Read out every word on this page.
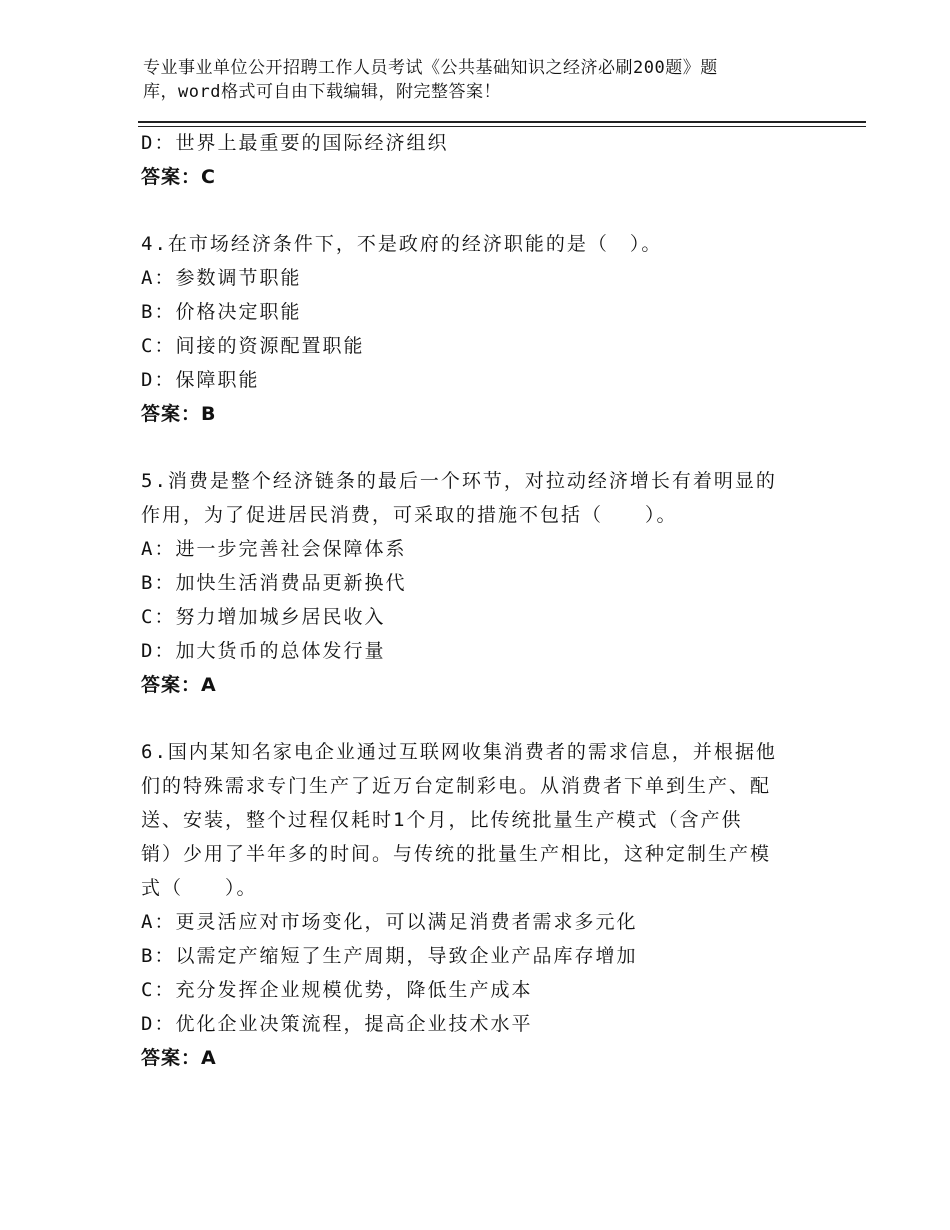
专业事业单位公开招聘工作人员考试《公共基础知识之经济必刷200题》题
库，word格式可自由下载编辑，附完整答案！
D：世界上最重要的国际经济组织
答案：C
4.在市场经济条件下，不是政府的经济职能的是（　）。
A：参数调节职能
B：价格决定职能
C：间接的资源配置职能
D：保障职能
答案：B
5.消费是整个经济链条的最后一个环节，对拉动经济增长有着明显的
作用，为了促进居民消费，可采取的措施不包括（　　）。
A：进一步完善社会保障体系
B：加快生活消费品更新换代
C：努力增加城乡居民收入
D：加大货币的总体发行量
答案：A
6.国内某知名家电企业通过互联网收集消费者的需求信息，并根据他
们的特殊需求专门生产了近万台定制彩电。从消费者下单到生产、配
送、安装，整个过程仅耗时1个月，比传统批量生产模式（含产供
销）少用了半年多的时间。与传统的批量生产相比，这种定制生产模
式（　　）。
A：更灵活应对市场变化，可以满足消费者需求多元化
B：以需定产缩短了生产周期，导致企业产品库存增加
C：充分发挥企业规模优势，降低生产成本
D：优化企业决策流程，提高企业技术水平
答案：A
